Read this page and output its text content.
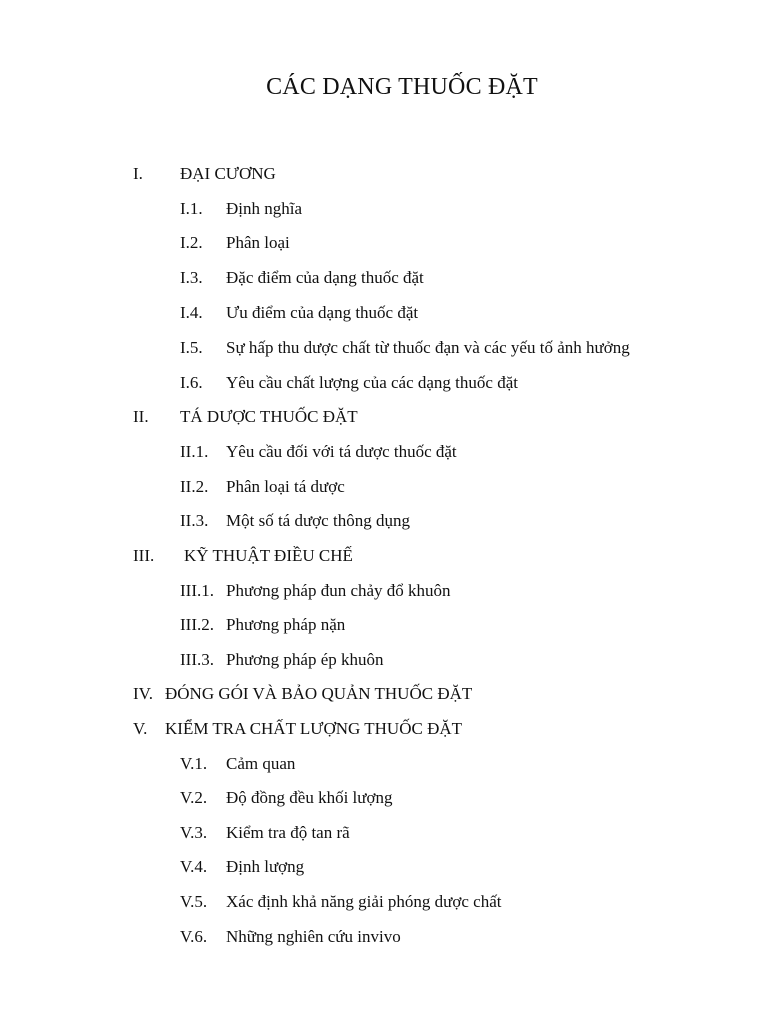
CÁC DẠNG THUỐC ĐẶT
I. ĐẠI CƯƠNG
I.1. Định nghĩa
I.2. Phân loại
I.3. Đặc điểm của dạng thuốc đặt
I.4. Ưu điểm của dạng thuốc đặt
I.5. Sự hấp thu dược chất từ thuốc đạn và các yếu tố ảnh hưởng
I.6. Yêu cầu chất lượng của các dạng thuốc đặt
II. TÁ DƯỢC THUỐC ĐẶT
II.1. Yêu cầu đối với tá dược thuốc đặt
II.2. Phân loại tá dược
II.3. Một số tá dược thông dụng
III. KỸ THUẬT ĐIỀU CHẾ
III.1. Phương pháp đun chảy đổ khuôn
III.2. Phương pháp nặn
III.3. Phương pháp ép khuôn
IV. ĐÓNG GÓI VÀ BẢO QUẢN THUỐC ĐẶT
V. KIỂM TRA CHẤT LƯỢNG THUỐC ĐẶT
V.1. Cảm quan
V.2. Độ đồng đều khối lượng
V.3. Kiểm tra độ tan rã
V.4. Định lượng
V.5. Xác định khả năng giải phóng dược chất
V.6. Những nghiên cứu invivo
